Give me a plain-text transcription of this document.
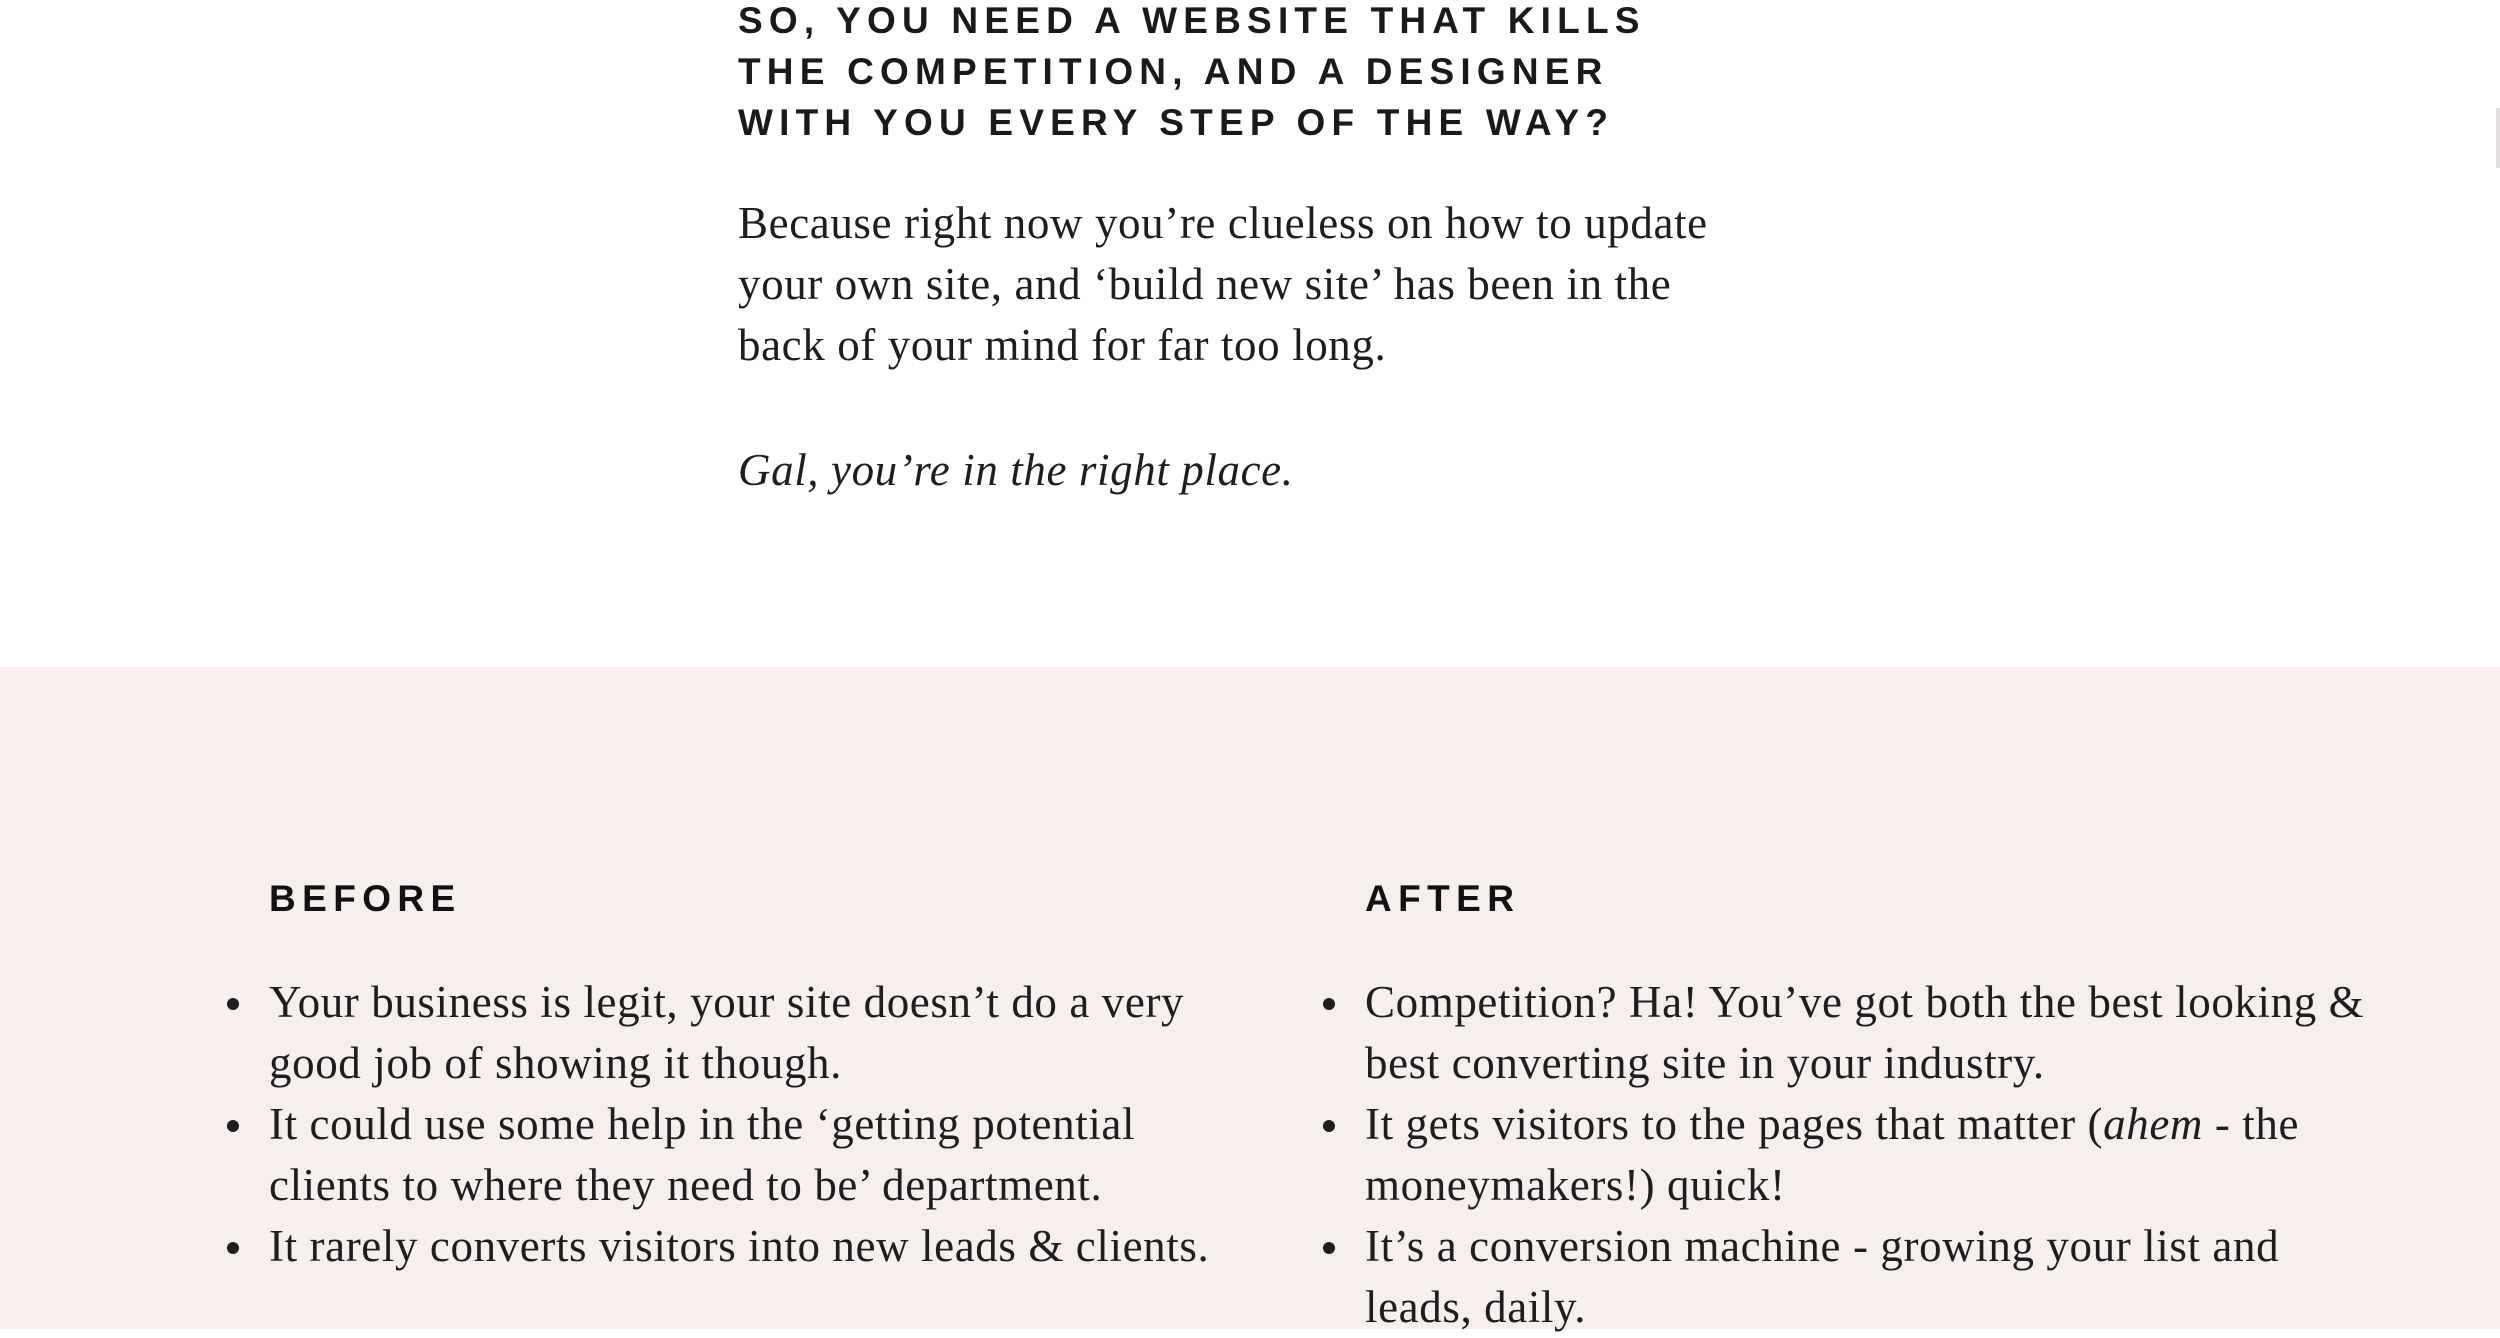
SO, YOU NEED A WEBSITE THAT KILLS
THE COMPETITION, AND A DESIGNER
WITH YOU EVERY STEP OF THE WAY?

Because right now you’re clueless on how to update your own site, and ‘build new site’ has been in the back of your mind for far too long.

Gal, you’re in the right place.

BEFORE
Your business is legit, your site doesn’t do a very good job of showing it though.
It could use some help in the ‘getting potential clients to where they need to be’ department.
It rarely converts visitors into new leads & clients.
AFTER
Competition? Ha! You’ve got both the best looking & best converting site in your industry.
It gets visitors to the pages that matter (ahem - the moneymakers!) quick!
It’s a conversion machine - growing your list and leads, daily.
